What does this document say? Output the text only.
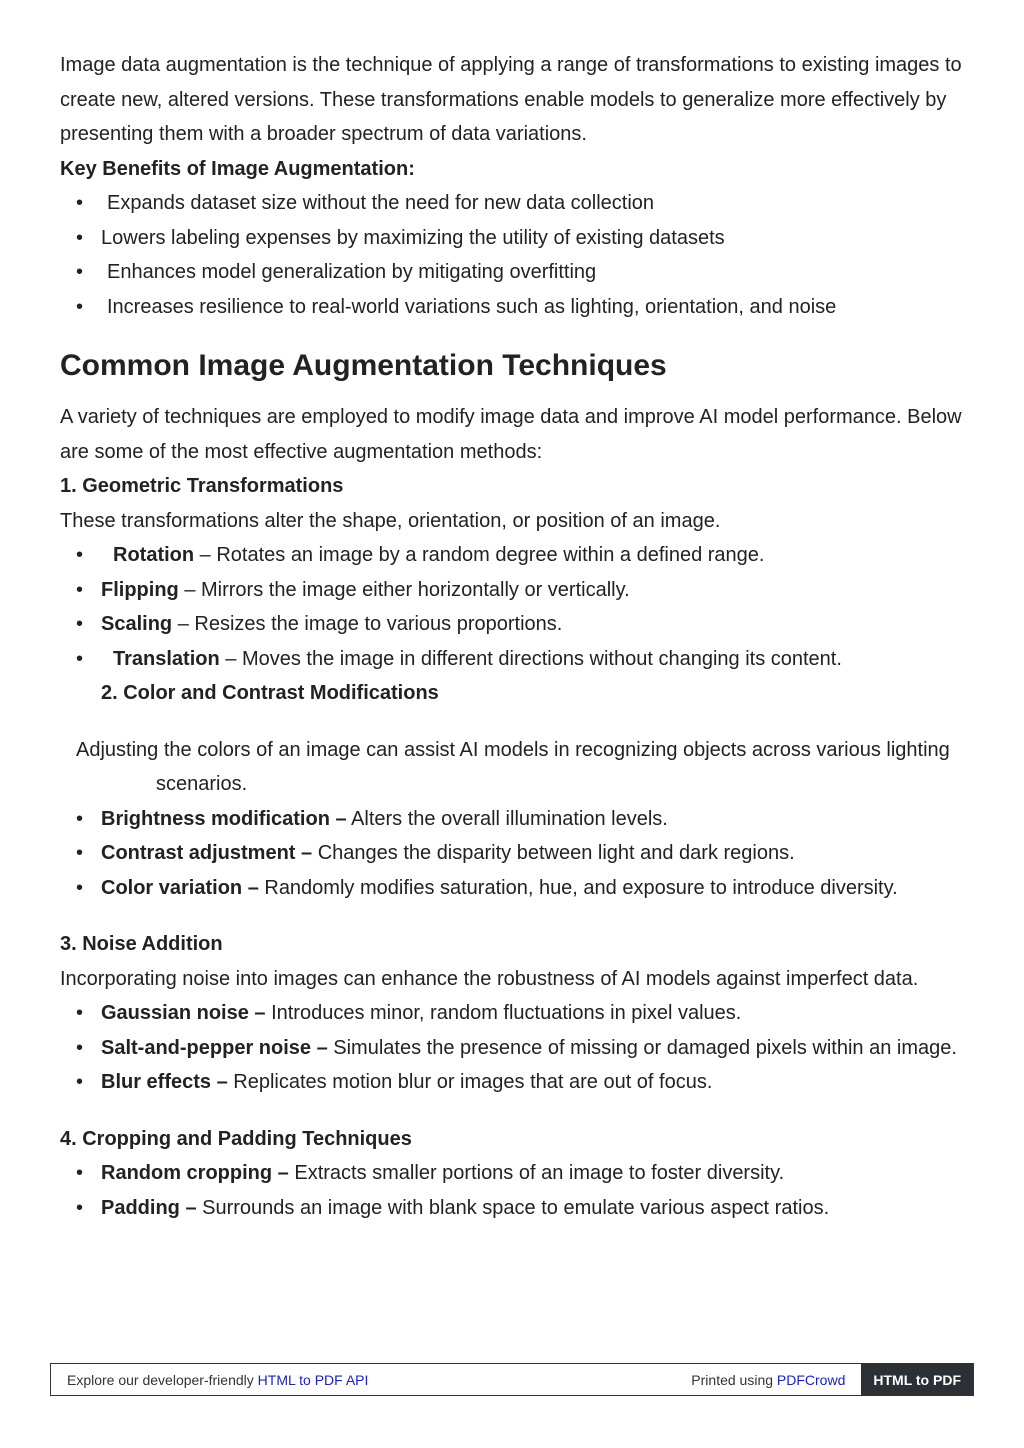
Image data augmentation is the technique of applying a range of transformations to existing images to create new, altered versions. These transformations enable models to generalize more effectively by presenting them with a broader spectrum of data variations.

Key Benefits of Image Augmentation:
• Expands dataset size without the need for new data collection
• Lowers labeling expenses by maximizing the utility of existing datasets
• Enhances model generalization by mitigating overfitting
• Increases resilience to real-world variations such as lighting, orientation, and noise
Common Image Augmentation Techniques

A variety of techniques are employed to modify image data and improve AI model performance. Below are some of the most effective augmentation methods:

1. Geometric Transformations

These transformations alter the shape, orientation, or position of an image.

• Rotation – Rotates an image by a random degree within a defined range.
• Flipping – Mirrors the image either horizontally or vertically.
• Scaling – Resizes the image to various proportions.
• Translation – Moves the image in different directions without changing its content.
2. Color and Contrast Modifications

Adjusting the colors of an image can assist AI models in recognizing objects across various lightingscenarios.

• Brightness modification – Alters the overall illumination levels.
• Contrast adjustment – Changes the disparity between light and dark regions.
• Color variation – Randomly modifies saturation, hue, and exposure to introduce diversity.
3. Noise Addition

Incorporating noise into images can enhance the robustness of AI models against imperfect data.

• Gaussian noise – Introduces minor, random fluctuations in pixel values.
• Salt-and-pepper noise – Simulates the presence of missing or damaged pixels within an image.
• Blur effects – Replicates motion blur or images that are out of focus.
4. Cropping and Padding Techniques
• Random cropping – Extracts smaller portions of an image to foster diversity.
• Padding – Surrounds an image with blank space to emulate various aspect ratios.
Explore our developer-friendly HTML to PDF API	Printed using PDFCrowd	HTML to PDF
